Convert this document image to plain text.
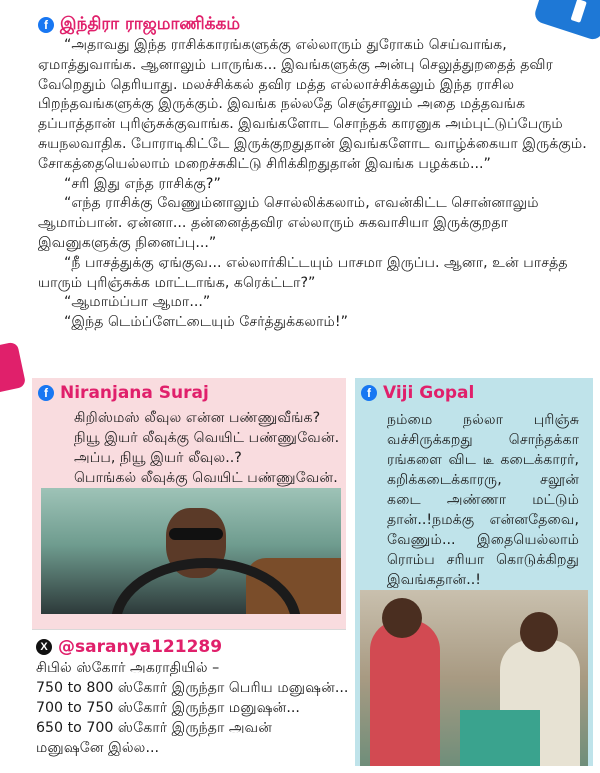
f இந்திரா ராஜமாணிக்கம்

“அதாவது இந்த ராசிக்காரங்களுக்கு எல்லாரும் துரோகம் செய்வாங்க, ஏமாத்துவாங்க. ஆனாலும் பாருங்க... இவங்களுக்கு அன்பு செலுத்துறதைத் தவிர வேறெதும் தெரியாது. மலச்சிக்கல் தவிர மத்த எல்லாச்சிக்கலும் இந்த ராசில பிறந்தவங்களுக்கு இருக்கும். இவங்க நல்லதே செஞ்சாலும் அதை மத்தவங்க தப்பாத்தான் புரிஞ்சுக்குவாங்க. இவங்களோட சொந்தக் காரனுக அம்புட்டுப்பேரும் சுயநலவாதிக. போராடிகிட்டே இருக்குறதுதான் இவங்களோட வாழ்க்கையா இருக்கும். சோகத்தையெல்லாம் மறைச்சுகிட்டு சிரிக்கிறதுதான் இவங்க பழக்கம்...”

“சரி இது எந்த ராசிக்கு?”

“எந்த ராசிக்கு வேணும்னாலும் சொல்லிக்கலாம், எவன்கிட்ட சொன்னாலும் ஆமாம்பான். ஏன்னா... தன்னைத்தவிர எல்லாரும் சுகவாசியா இருக்குறதா இவனுகளுக்கு நினைப்பு...”

“நீ பாசத்துக்கு ஏங்குவ... எல்லார்கிட்டயும் பாசமா இருப்ப. ஆனா, உன் பாசத்த யாரும் புரிஞ்சுக்க மாட்டாங்க, கரெக்ட்டா?”

“ஆமாம்ப்பா ஆமா...”

“இந்த டெம்ப்ளேட்டையும் சேர்த்துக்கலாம்!”

f Niranjana Suraj

கிறிஸ்மஸ் லீவுல என்ன பண்ணுவீங்க?

நியூ இயர் லீவுக்கு வெயிட் பண்ணுவேன்.

அப்ப, நியூ இயர் லீவுல..?

பொங்கல் லீவுக்கு வெயிட் பண்ணுவேன்.

X @saranya121289

சிபில் ஸ்கோர் அகராதியில் –

750 to 800 ஸ்கோர் இருந்தா பெரிய மனுஷன்...

700 to 750 ஸ்கோர் இருந்தா மனுஷன்...

650 to 700 ஸ்கோர் இருந்தா அவன்

மனுஷனே இல்ல...

f Viji Gopal

நம்மை நல்லா புரிஞ்சு வச்சிருக்கறது சொந்தக்கா ரங்களை விட டீ கடைக்காரர், கறிக்கடைக்காரரு, சலூன் கடை அண்ணா மட்டும் தான்..!நமக்கு என்னதேவை, வேணும்... இதையெல்லாம் ரொம்ப சரியா கொடுக்கிறது இவங்கதான்..!
